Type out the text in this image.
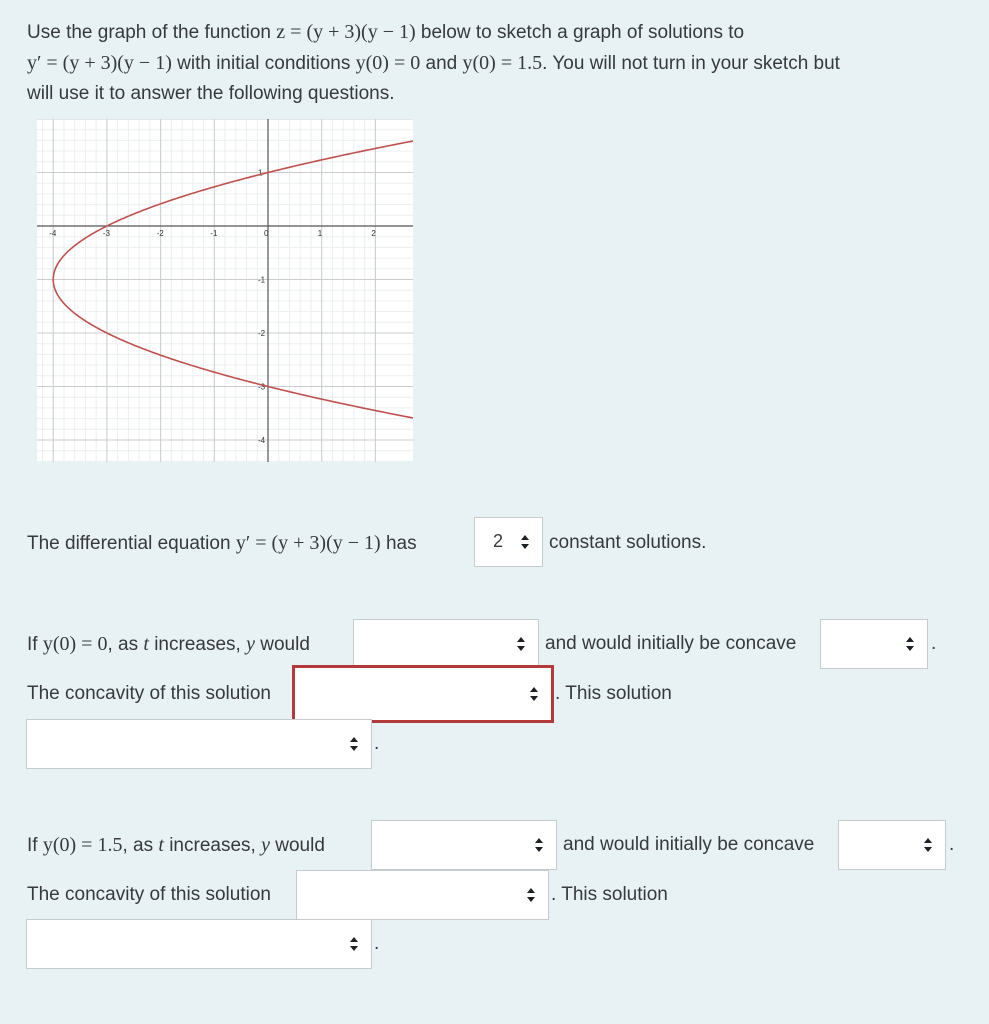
Use the graph of the function z = (y + 3)(y − 1) below to sketch a graph of solutions to
y′ = (y + 3)(y − 1) with initial conditions y(0) = 0 and y(0) = 1.5. You will not turn in your sketch but
will use it to answer the following questions.
-4	-3	-2	-1	0	1	2
1
-1
-2
-3
-4
The differential equation y′ = (y + 3)(y − 1) has	2 constant solutions.
If y(0) = 0, as t increases, y would	and would initially be concave	.
The concavity of this solution	. This solution
.
If y(0) = 1.5, as t increases, y would	and would initially be concave	.
The concavity of this solution	. This solution
.
